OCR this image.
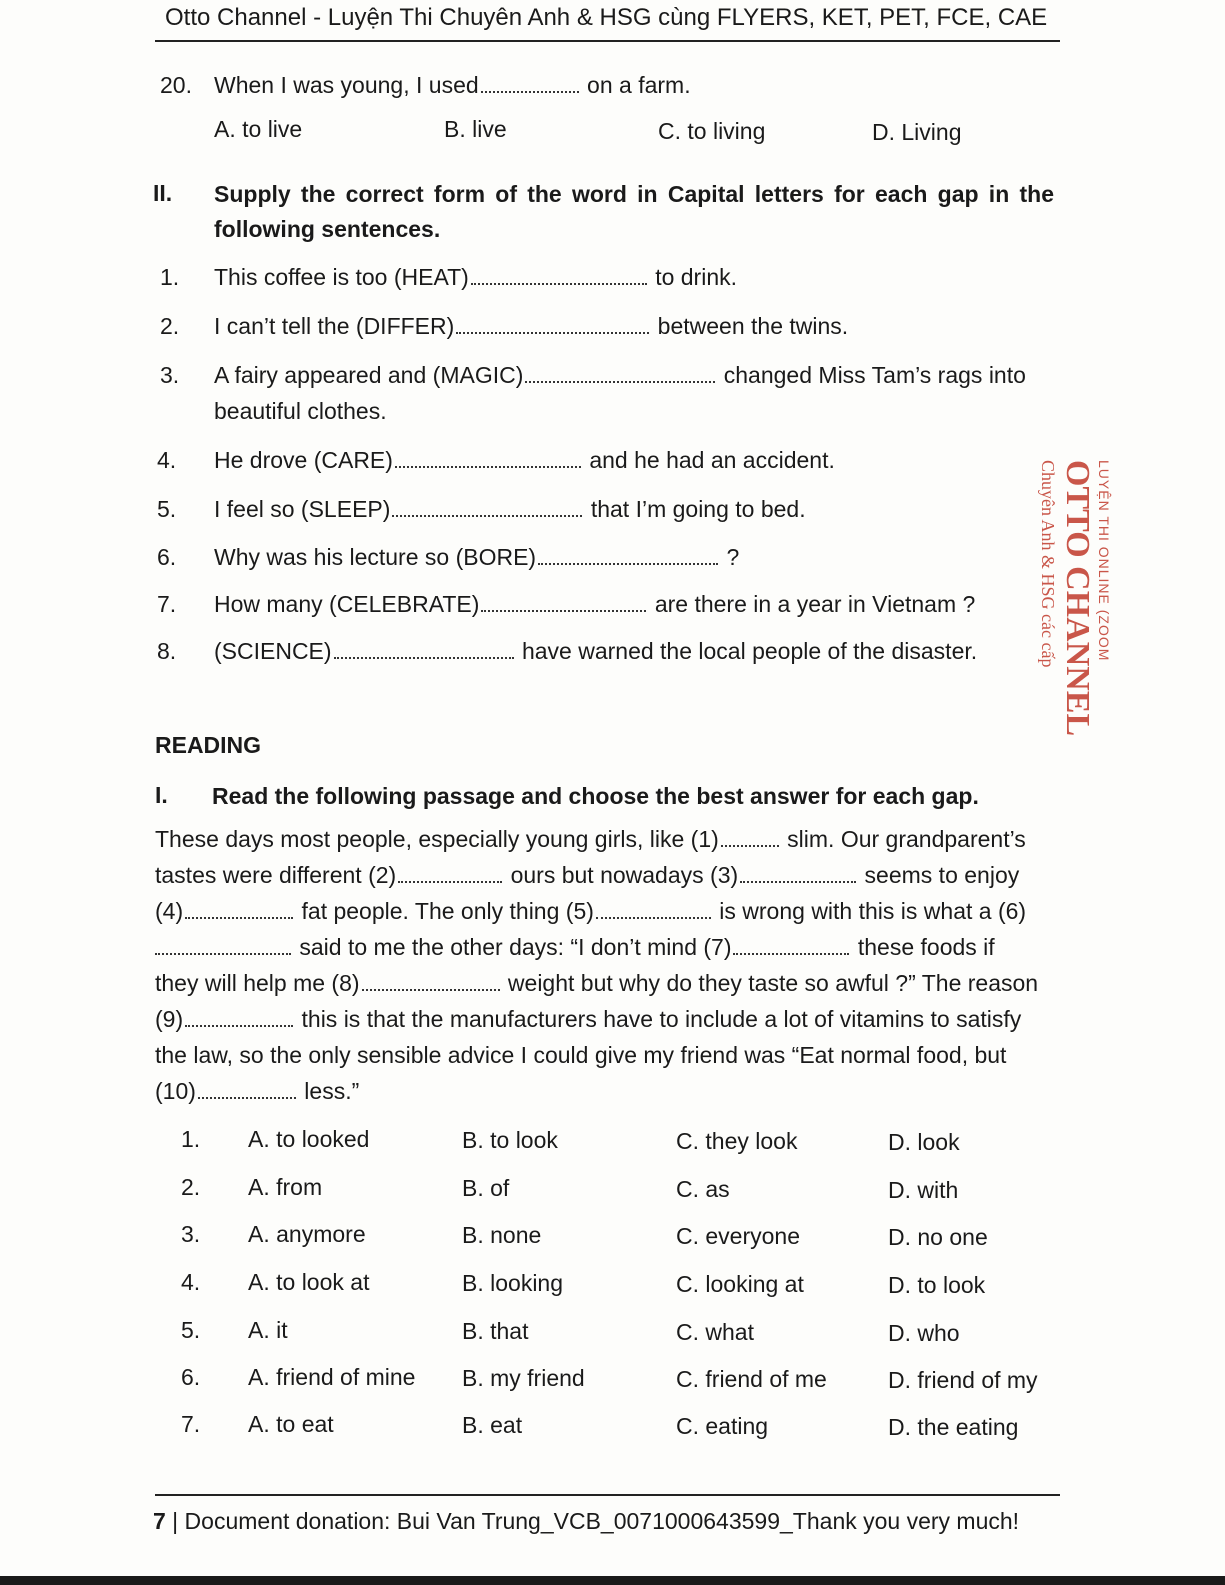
Otto Channel - Luyện Thi Chuyên Anh & HSG cùng FLYERS, KET, PET, FCE, CAE
20. When I was young, I used	on a farm.
A. to live	B. live	C. to living	D. Living
II. Supply the correct form of the word in Capital letters for each gap in the
following sentences.
1. This coffee is too (HEAT)	to drink.
2. I can’t tell the (DIFFER)	between the twins.
3. A fairy appeared and (MAGIC)	changed Miss Tam’s rags into
beautiful clothes.
4. He drove (CARE)	and he had an accident.
5. I feel so (SLEEP)	that I’m going to bed.
6. Why was his lecture so (BORE)	?
7. How many (CELEBRATE)	are there in a year in Vietnam ?
8. (SCIENCE)	have warned the local people of the disaster.	LUYỆN THI ONLINE (ZOOM
OTTO CHANNEL
Chuyên Anh & HSG các cấp
READING
I. Read the following passage and choose the best answer for each gap.
These days most people, especially young girls, like (1)	slim. Our grandparent’s
tastes were different (2)	ours but nowadays (3)	seems to enjoy
(4)	fat people. The only thing (5)	is wrong with this is what a (6)
said to me the other days: “I don’t mind (7)	these foods if
they will help me (8)	weight but why do they taste so awful ?” The reason
(9)	this is that the manufacturers have to include a lot of vitamins to satisfy
the law, so the only sensible advice I could give my friend was “Eat normal food, but
(10)	less.”
1. A. to looked	B. to look	C. they look	D. look
2. A. from	B. of	C. as	D. with
3. A. anymore	B. none	C. everyone	D. no one
4. A. to look at	B. looking	C. looking at	D. to look
5. A. it	B. that	C. what	D. who
6. A. friend of mine B. my friend	C. friend of me	D. friend of my
7. A. to eat	B. eat	C. eating	D. the eating
7 | Document donation: Bui Van Trung_VCB_0071000643599_Thank you very much!
